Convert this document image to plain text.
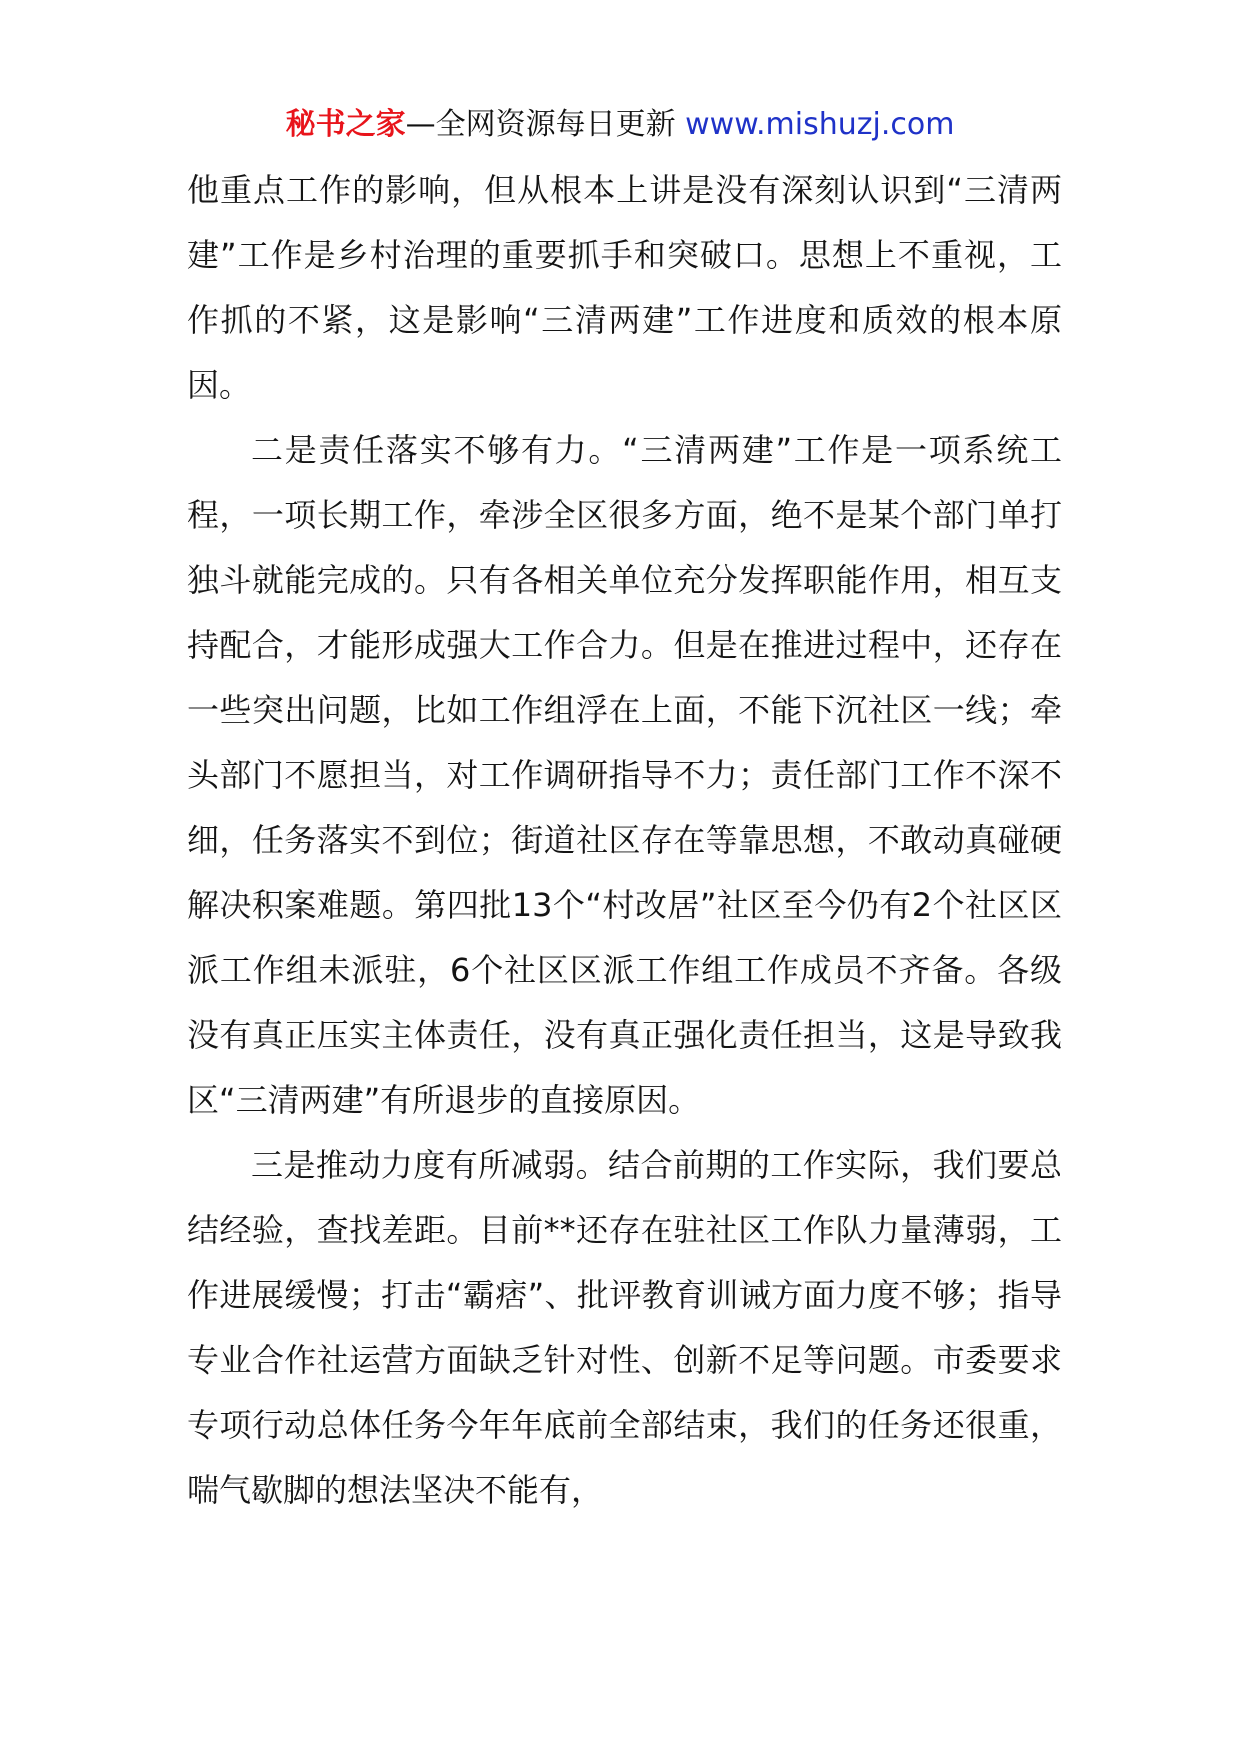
秘书之家—全网资源每日更新 www.mishuzj.com

他重点工作的影响，但从根本上讲是没有深刻认识到“三清两建”工作是乡村治理的重要抓手和突破口。思想上不重视，工作抓的不紧，这是影响“三清两建”工作进度和质效的根本原因。

二是责任落实不够有力。“三清两建”工作是一项系统工程，一项长期工作，牵涉全区很多方面，绝不是某个部门单打独斗就能完成的。只有各相关单位充分发挥职能作用，相互支持配合，才能形成强大工作合力。但是在推进过程中，还存在一些突出问题，比如工作组浮在上面，不能下沉社区一线；牵头部门不愿担当，对工作调研指导不力；责任部门工作不深不细，任务落实不到位；街道社区存在等靠思想，不敢动真碰硬解决积案难题。第四批13个“村改居”社区至今仍有2个社区区派工作组未派驻，6个社区区派工作组工作成员不齐备。各级没有真正压实主体责任，没有真正强化责任担当，这是导致我区“三清两建”有所退步的直接原因。

三是推动力度有所减弱。结合前期的工作实际，我们要总结经验，查找差距。目前**还存在驻社区工作队力量薄弱，工作进展缓慢；打击“霸痞”、批评教育训诫方面力度不够；指导专业合作社运营方面缺乏针对性、创新不足等问题。市委要求专项行动总体任务今年年底前全部结束，我们的任务还很重，喘气歇脚的想法坚决不能有，
